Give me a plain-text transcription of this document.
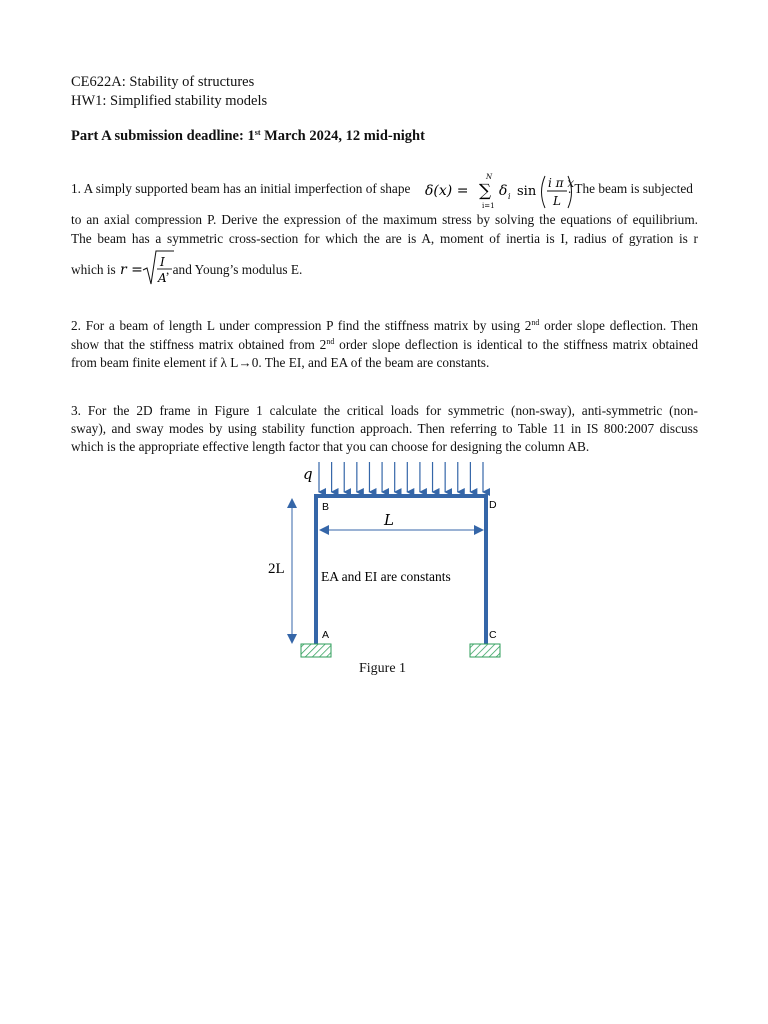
CE622A: Stability of structures
HW1: Simplified stability models
Part A submission deadline: 1st March 2024, 12 mid-night
1. A simply supported beam has an initial imperfection of shape δ(x) =
N
∑
i=1
δ i sin
i π x
L
. The beam is subjected
to an axial compression P. Derive the expression of the maximum stress by solving the equations of equilibrium.
The beam has a symmetric cross-section for which the are is A, moment of inertia is I, radius of gyration is r
which is r = I
A
, and Young’s modulus E.
2. For a beam of length L under compression P find the stiffness matrix by using 2nd order slope deflection. Then
show that the stiffness matrix obtained from 2nd order slope deflection is identical to the stiffness matrix obtained
from beam finite element if λ L→0. The EI, and EA of the beam are constants.
3. For the 2D frame in Figure 1 calculate the critical loads for symmetric (non-sway), anti-symmetric (non-
sway), and sway modes by using stability function approach. Then referring to Table 11 in IS 800:2007 discuss
which is the appropriate effective length factor that you can choose for designing the column AB.
q
L
2L
B	D
A	C
EA and EI are constants
Figure 1
